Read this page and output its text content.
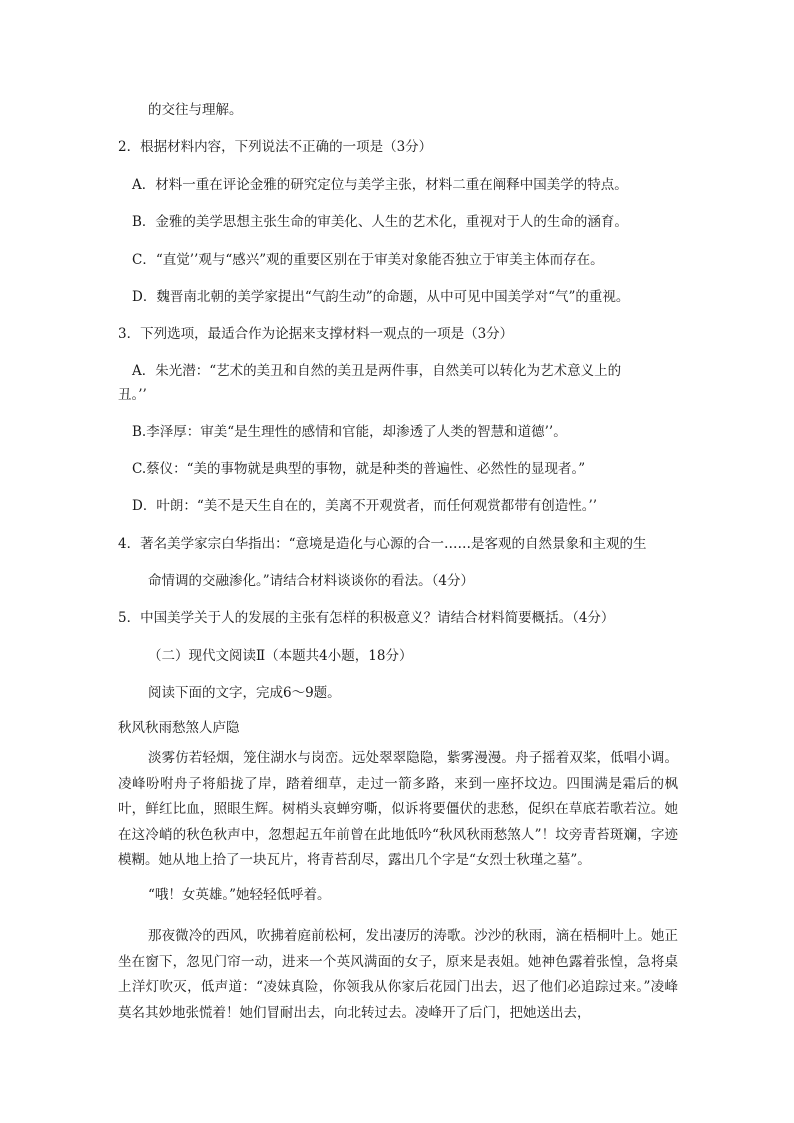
的交往与理解。
2．根据材料内容，下列说法不正确的一项是（3分）
A．材料一重在评论金雅的研究定位与美学主张，材料二重在阐释中国美学的特点。
B．金雅的美学思想主张生命的审美化、人生的艺术化，重视对于人的生命的涵育。
C．“直觉’’观与“感兴”观的重要区别在于审美对象能否独立于审美主体而存在。
D．魏晋南北朝的美学家提出“气韵生动”的命题，从中可见中国美学对“气”的重视。
3．下列选项，最适合作为论据来支撑材料一观点的一项是（3分）
A．朱光潜：“艺术的美丑和自然的美丑是两件事，自然美可以转化为艺术意义上的
丑。’’
B.李泽厚：审美“是生理性的感情和官能，却渗透了人类的智慧和道德’’。
C.蔡仪：“美的事物就是典型的事物，就是种类的普遍性、必然性的显现者。”
D．叶朗：“美不是天生自在的，美离不开观赏者，而任何观赏都带有创造性。’’
4．著名美学家宗白华指出：“意境是造化与心源的合一……是客观的自然景象和主观的生
命情调的交融渗化。”请结合材料谈谈你的看法。（4分）
5．中国美学关于人的发展的主张有怎样的积极意义？请结合材料简要概括。（4分）
（二）现代文阅读Ⅱ（本题共4小题，18分）
阅读下面的文字，完成6～9题。
秋风秋雨愁煞人庐隐
淡雾仿若轻烟，笼住湖水与岗峦。远处翠翠隐隐，紫雾漫漫。舟子摇着双桨，低唱小调。凌峰吩咐舟子将船拢了岸，踏着细草，走过一箭多路，来到一座抔坟边。四围满是霜后的枫叶，鲜红比血，照眼生辉。树梢头哀蝉穷嘶，似诉将要僵伏的悲愁，促织在草底若歌若泣。她在这冷峭的秋色秋声中，忽想起五年前曾在此地低吟“秋风秋雨愁煞人”！坟旁青苔斑斓，字迹模糊。她从地上拾了一块瓦片，将青苔刮尽，露出几个字是“女烈士秋瑾之墓”。
“哦！女英雄。”她轻轻低呼着。
那夜微冷的西风，吹拂着庭前松柯，发出凄厉的涛歌。沙沙的秋雨，滴在梧桐叶上。她正坐在窗下，忽见门帘一动，进来一个英风满面的女子，原来是表姐。她神色露着张惶，急将桌上洋灯吹灭，低声道：“凌妹真险，你领我从你家后花园门出去，迟了他们必追踪过来。”凌峰莫名其妙地张慌着！她们冒耐出去，向北转过去。凌峰开了后门，把她送出去，
